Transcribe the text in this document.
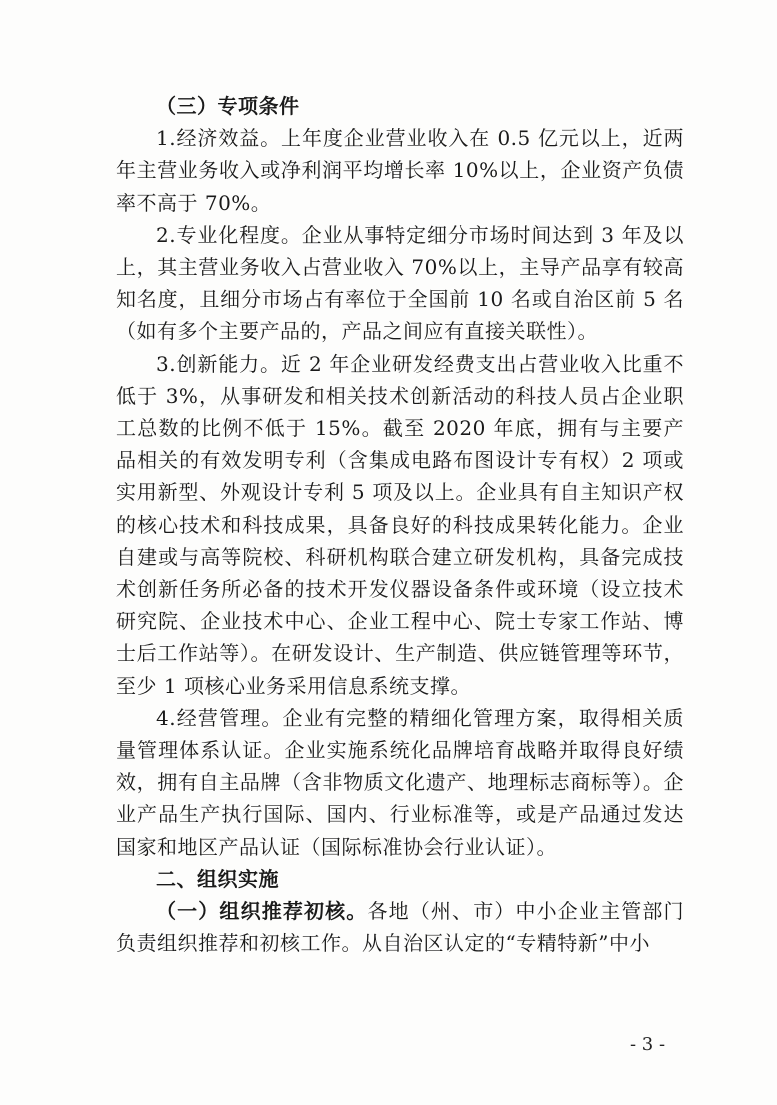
（三）专项条件

1.经济效益。上年度企业营业收入在 0.5 亿元以上，近两年主营业务收入或净利润平均增长率 10%以上，企业资产负债率不高于 70%。

2.专业化程度。企业从事特定细分市场时间达到 3 年及以上，其主营业务收入占营业收入 70%以上，主导产品享有较高知名度，且细分市场占有率位于全国前 10 名或自治区前 5 名（如有多个主要产品的，产品之间应有直接关联性）。

3.创新能力。近 2 年企业研发经费支出占营业收入比重不低于 3%，从事研发和相关技术创新活动的科技人员占企业职工总数的比例不低于 15%。截至 2020 年底，拥有与主要产品相关的有效发明专利（含集成电路布图设计专有权）2 项或实用新型、外观设计专利 5 项及以上。企业具有自主知识产权的核心技术和科技成果，具备良好的科技成果转化能力。企业自建或与高等院校、科研机构联合建立研发机构，具备完成技术创新任务所必备的技术开发仪器设备条件或环境（设立技术研究院、企业技术中心、企业工程中心、院士专家工作站、博士后工作站等）。在研发设计、生产制造、供应链管理等环节，至少 1 项核心业务采用信息系统支撑。

4.经营管理。企业有完整的精细化管理方案，取得相关质量管理体系认证。企业实施系统化品牌培育战略并取得良好绩效，拥有自主品牌（含非物质文化遗产、地理标志商标等）。企业产品生产执行国际、国内、行业标准等，或是产品通过发达国家和地区产品认证（国际标准协会行业认证）。

二、组织实施

（一）组织推荐初核。各地（州、市）中小企业主管部门负责组织推荐和初核工作。从自治区认定的“专精特新”中小

- 3 -
